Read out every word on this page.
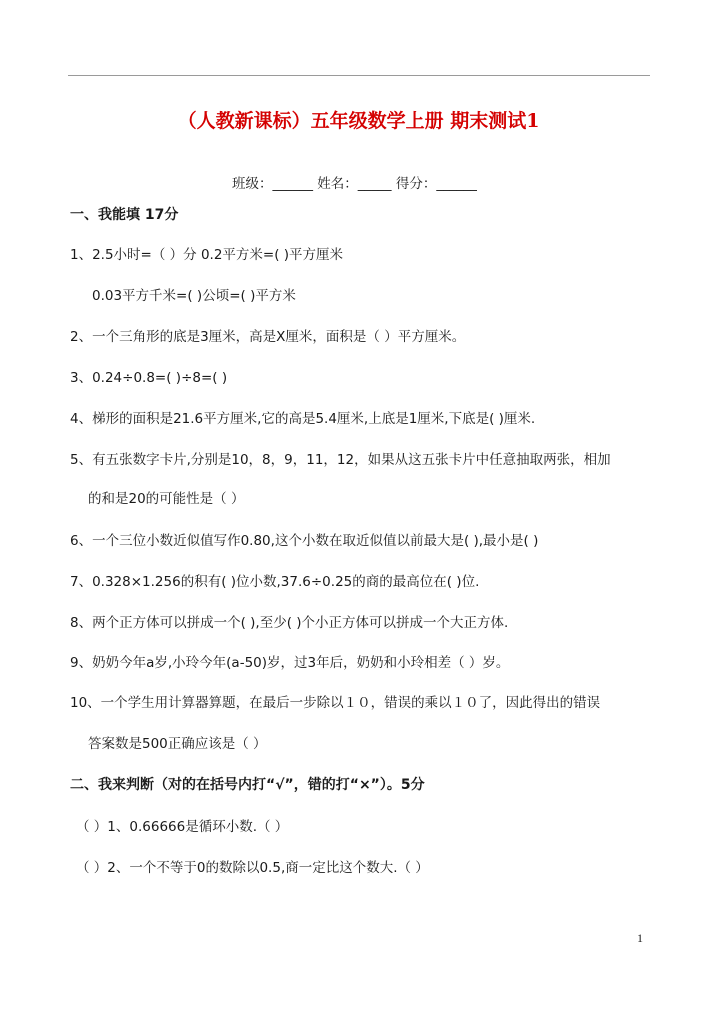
（人教新课标）五年级数学上册 期末测试1
班级：______ 姓名：_____ 得分：______
一、我能填 17分
1、2.5小时=（ ）分 0.2平方米=( )平方厘米
0.03平方千米=( )公顷=( )平方米
2、一个三角形的底是3厘米，高是X厘米，面积是（ ）平方厘米。
3、0.24÷0.8=( )÷8=( )
4、梯形的面积是21.6平方厘米,它的高是5.4厘米,上底是1厘米,下底是( )厘米.
5、有五张数字卡片,分别是10，8，9，11，12，如果从这五张卡片中任意抽取两张，相加
的和是20的可能性是（ ）
6、一个三位小数近似值写作0.80,这个小数在取近似值以前最大是( ),最小是( )
7、0.328×1.256的积有( )位小数,37.6÷0.25的商的最高位在( )位.
8、两个正方体可以拼成一个( ),至少( )个小正方体可以拼成一个大正方体.
9、奶奶今年a岁,小玲今年(a-50)岁，过3年后，奶奶和小玲相差（ ）岁。
10、一个学生用计算器算题，在最后一步除以１０，错误的乘以１０了，因此得出的错误
答案数是500正确应该是（ ）
二、我来判断（对的在括号内打“√”，错的打“×”）。5分
（ ）1、0.66666是循环小数.（ ）
（ ）2、一个不等于0的数除以0.5,商一定比这个数大.（ ）
1
